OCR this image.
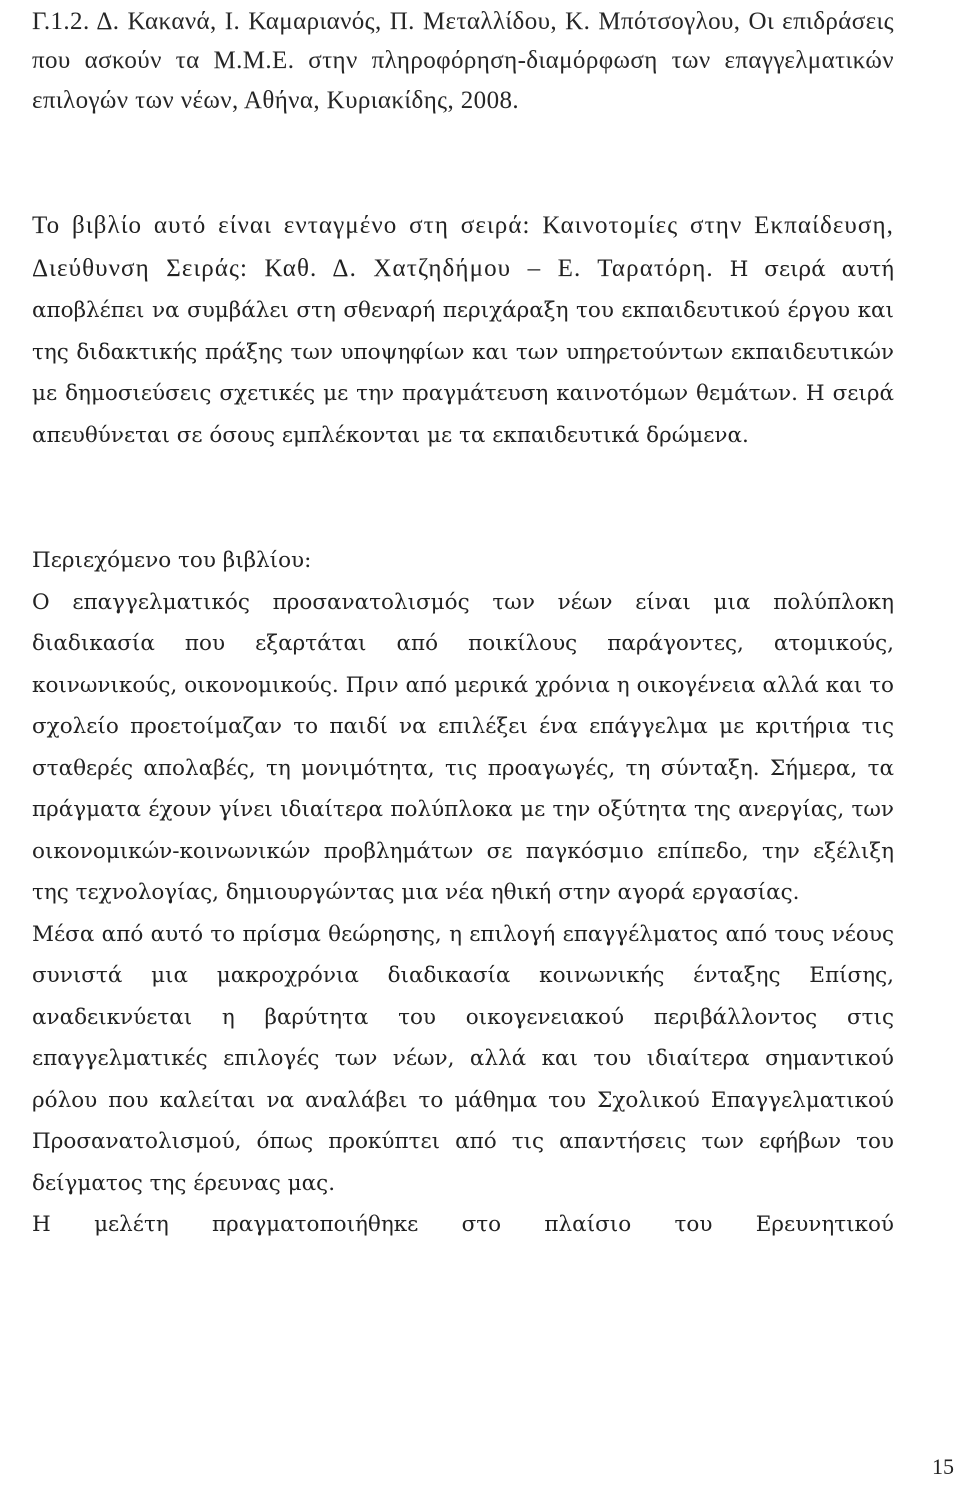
Γ.1.2. Δ. Κακανά, Ι. Καμαριανός, Π. Μεταλλίδου, Κ. Μπότσογλου, Οι επιδράσεις που ασκούν τα Μ.Μ.Ε. στην πληροφόρηση-διαμόρφωση των επαγγελματικών επιλογών των νέων, Αθήνα, Κυριακίδης, 2008.
Το βιβλίο αυτό είναι ενταγμένο στη σειρά: Καινοτομίες στην Εκπαίδευση, Διεύθυνση Σειράς: Καθ. Δ. Χατζηδήμου – Ε. Ταρατόρη. Η σειρά αυτή αποβλέπει να συμβάλει στη σθεναρή περιχάραξη του εκπαιδευτικού έργου και της διδακτικής πράξης των υποψηφίων και των υπηρετούντων εκπαιδευτικών με δημοσιεύσεις σχετικές με την πραγμάτευση καινοτόμων θεμάτων. Η σειρά απευθύνεται σε όσους εμπλέκονται με τα εκπαιδευτικά δρώμενα.

Περιεχόμενο του βιβλίου:

Ο επαγγελματικός προσανατολισμός των νέων είναι μια πολύπλοκη διαδικασία που εξαρτάται από ποικίλους παράγοντες, ατομικούς, κοινωνικούς, οικονομικούς. Πριν από μερικά χρόνια η οικογένεια αλλά και το σχολείο προετοίμαζαν το παιδί να επιλέξει ένα επάγγελμα με κριτήρια τις σταθερές απολαβές, τη μονιμότητα, τις προαγωγές, τη σύνταξη. Σήμερα, τα πράγματα έχουν γίνει ιδιαίτερα πολύπλοκα με την οξύτητα της ανεργίας, των οικονομικών-κοινωνικών προβλημάτων σε παγκόσμιο επίπεδο, την εξέλιξη της τεχνολογίας, δημιουργώντας μια νέα ηθική στην αγορά εργασίας.

Μέσα από αυτό το πρίσμα θεώρησης, η επιλογή επαγγέλματος από τους νέους συνιστά μια μακροχρόνια διαδικασία κοινωνικής ένταξης Επίσης, αναδεικνύεται η βαρύτητα του οικογενειακού περιβάλλοντος στις επαγγελματικές επιλογές των νέων, αλλά και του ιδιαίτερα σημαντικού ρόλου που καλείται να αναλάβει το μάθημα του Σχολικού Επαγγελματικού Προσανατολισμού, όπως προκύπτει από τις απαντήσεις των εφήβων του δείγματος της έρευνας μας.

Η μελέτη πραγματοποιήθηκε στο πλαίσιο του Ερευνητικού

15
